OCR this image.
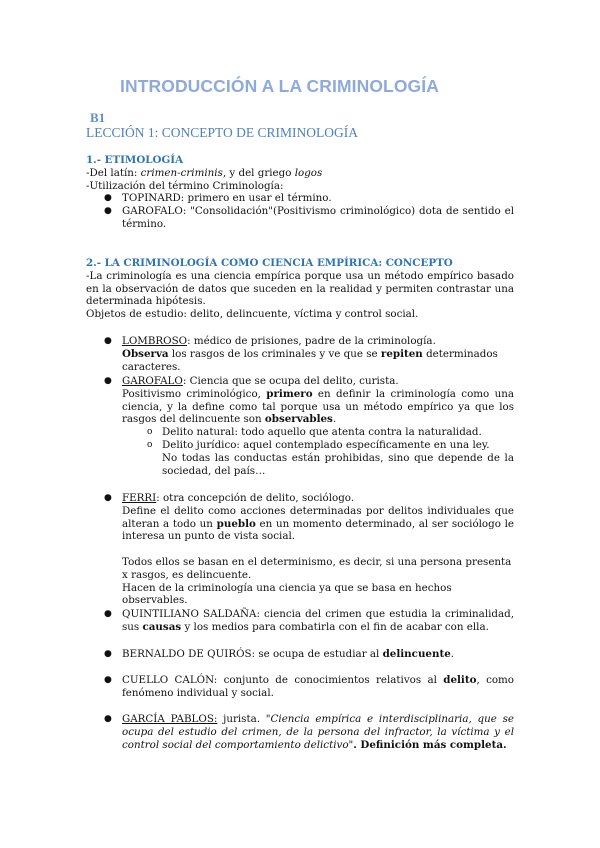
INTRODUCCIÓN A LA CRIMINOLOGÍA
B1
LECCIÓN 1: CONCEPTO DE CRIMINOLOGÍA
1.- ETIMOLOGÍA
-Del latín: crimen-criminis, y del griego logos
-Utilización del término Criminología:
● TOPINARD: primero en usar el término.
● GAROFALO: "Consolidación"(Positivismo criminológico) dota de sentido el término.
2.- LA CRIMINOLOGÍA COMO CIENCIA EMPÍRICA: CONCEPTO
-La criminología es una ciencia empírica porque usa un método empírico basado en la observación de datos que suceden en la realidad y permiten contrastar una determinada hipótesis.
Objetos de estudio: delito, delincuente, víctima y control social.
● LOMBROSO: médico de prisiones, padre de la criminología.
Observa los rasgos de los criminales y ve que se repiten determinados caracteres.
● GAROFALO: Ciencia que se ocupa del delito, curista.
Positivismo criminológico, primero en definir la criminología como una ciencia, y la define como tal porque usa un método empírico ya que los rasgos del delincuente son observables.
o Delito natural: todo aquello que atenta contra la naturalidad.
o Delito jurídico: aquel contemplado específicamente en una ley.
No todas las conductas están prohibidas, sino que depende de la sociedad, del país…
● FERRI: otra concepción de delito, sociólogo.
Define el delito como acciones determinadas por delitos individuales que alteran a todo un pueblo en un momento determinado, al ser sociólogo le interesa un punto de vista social.
Todos ellos se basan en el determinismo, es decir, si una persona presenta x rasgos, es delincuente.
Hacen de la criminología una ciencia ya que se basa en hechos observables.
● QUINTILIANO SALDAÑA: ciencia del crimen que estudia la criminalidad, sus causas y los medios para combatirla con el fin de acabar con ella.
● BERNALDO DE QUIRÓS: se ocupa de estudiar al delincuente.
● CUELLO CALÓN: conjunto de conocimientos relativos al delito, como fenómeno individual y social.
● GARCÍA PABLOS: jurista. "Ciencia empírica e interdisciplinaria, que se ocupa del estudio del crimen, de la persona del infractor, la víctima y el control social del comportamiento delictivo". Definición más completa.
